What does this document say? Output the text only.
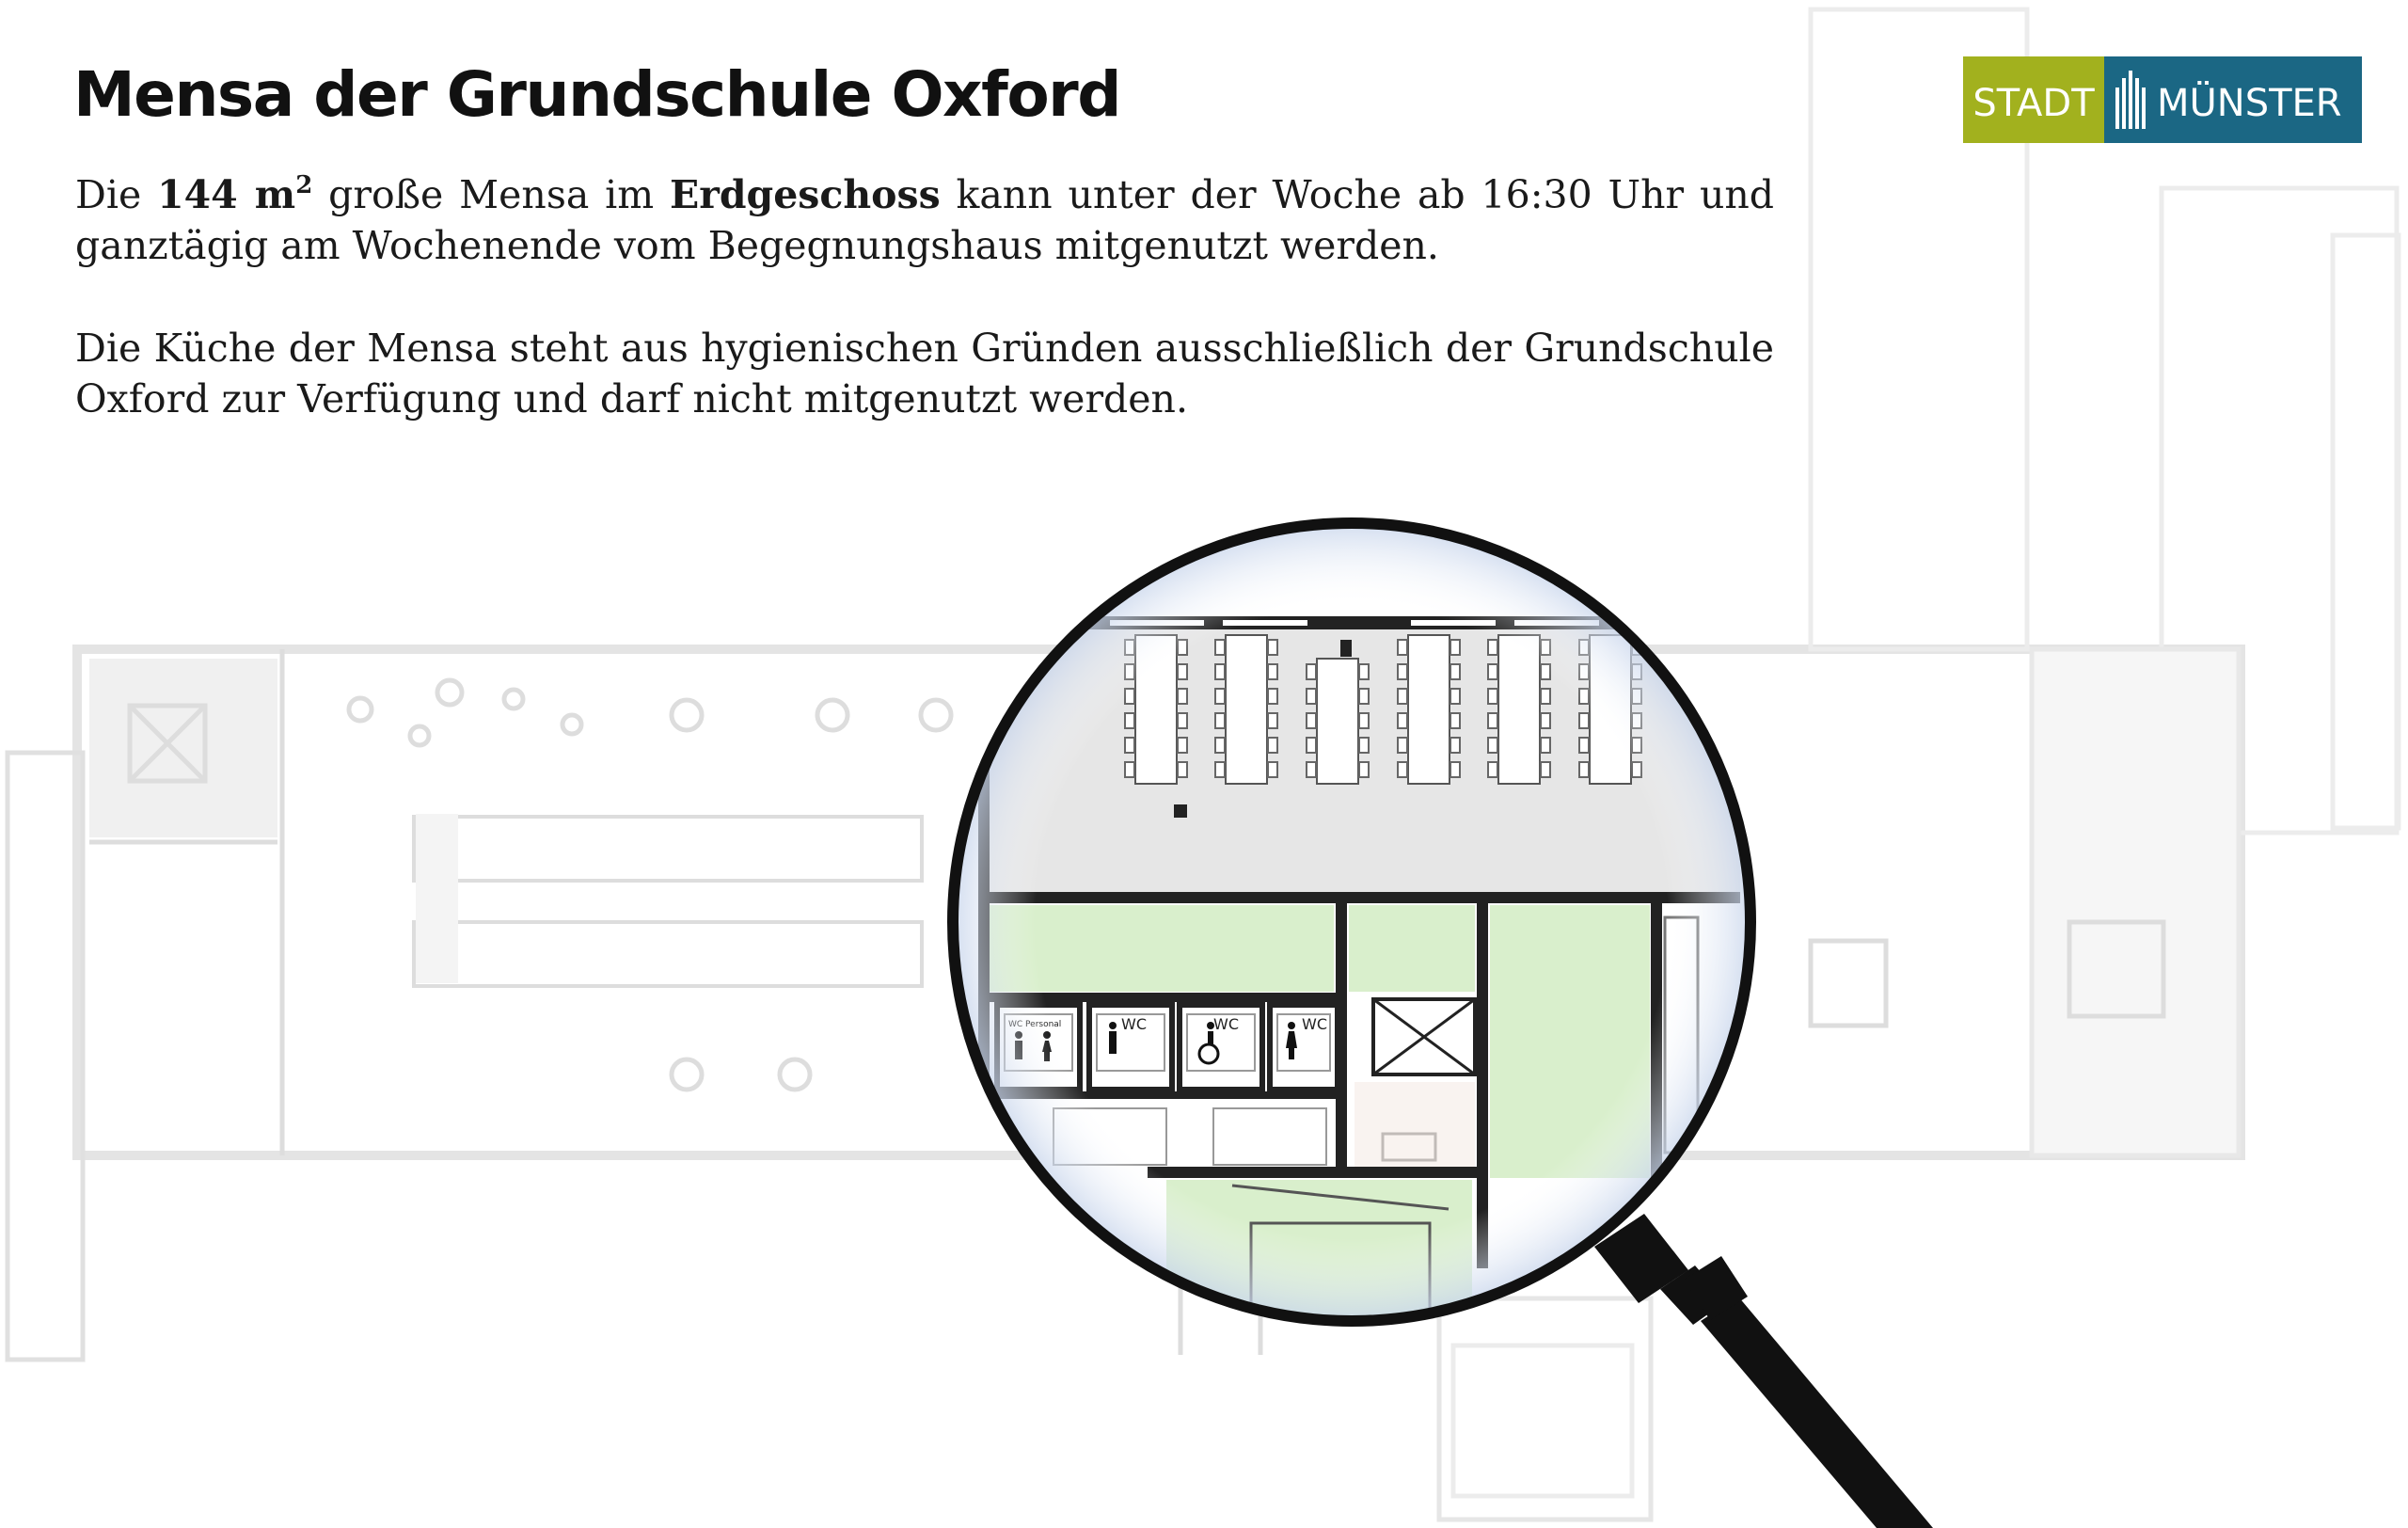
Mensa der Grundschule Oxford	STADT MÜNSTER

Die 144 $m^2$ große Mensa im Erdgeschoss kann unter der Woche ab 16:30 Uhr und ganztägig am Wochenende vom Begegnungshaus mitgenutzt werden.

Die Küche der Mensa steht aus hygienischen Gründen ausschließlich der Grundschule Oxford zur Verfügung und darf nicht mitgenutzt werden.
